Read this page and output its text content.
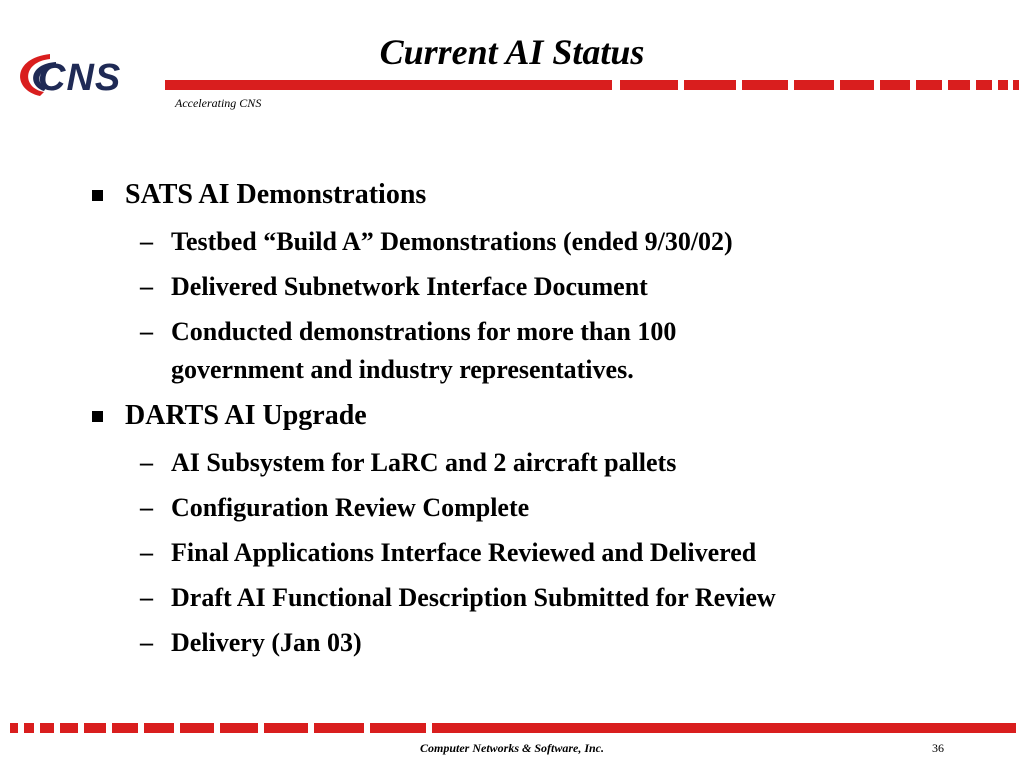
CNS
Current AI Status
Accelerating CNS
SATS AI Demonstrations
– Testbed “Build A” Demonstrations (ended 9/30/02)
– Delivered Subnetwork Interface Document
– Conducted demonstrations for more than 100 government and industry representatives.
DARTS AI Upgrade
– AI Subsystem for LaRC and 2 aircraft pallets
– Configuration Review Complete
– Final Applications Interface Reviewed and Delivered
– Draft AI Functional Description Submitted for Review
– Delivery (Jan 03)
Computer Networks & Software, Inc.	36
